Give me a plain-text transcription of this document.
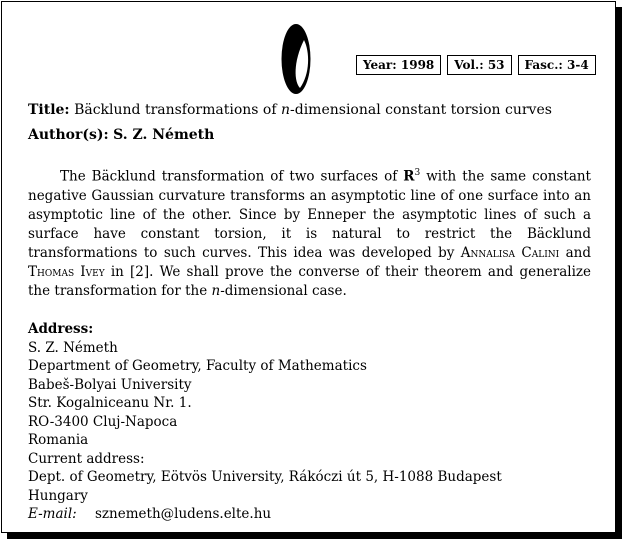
Year: 1998	Vol.: 53	Fasc.: 3-4
Title: Bäcklund transformations of n-dimensional constant torsion curves
Author(s): S. Z. Németh

The Bäcklund transformation of two surfaces of $R^3$ with the same constant negative Gaussian curvature transforms an asymptotic line of one surface into an asymptotic line of the other. Since by Enneper the asymptotic lines of such a surface have constant torsion, it is natural to restrict the Bäcklund transformations to such curves. This idea was developed by Annalisa Calini and Thomas Ivey in [2]. We shall prove the converse of their theorem and generalize the transformation for the n-dimensional case.

Address:
S. Z. Németh
Department of Geometry, Faculty of Mathematics
Babeš-Bolyai University
Str. Kogalniceanu Nr. 1.
RO-3400 Cluj-Napoca
Romania
Current address:
Dept. of Geometry, Eötvös University, Rákóczi út 5, H-1088 Budapest
Hungary
E-mail: sznemeth@ludens.elte.hu
